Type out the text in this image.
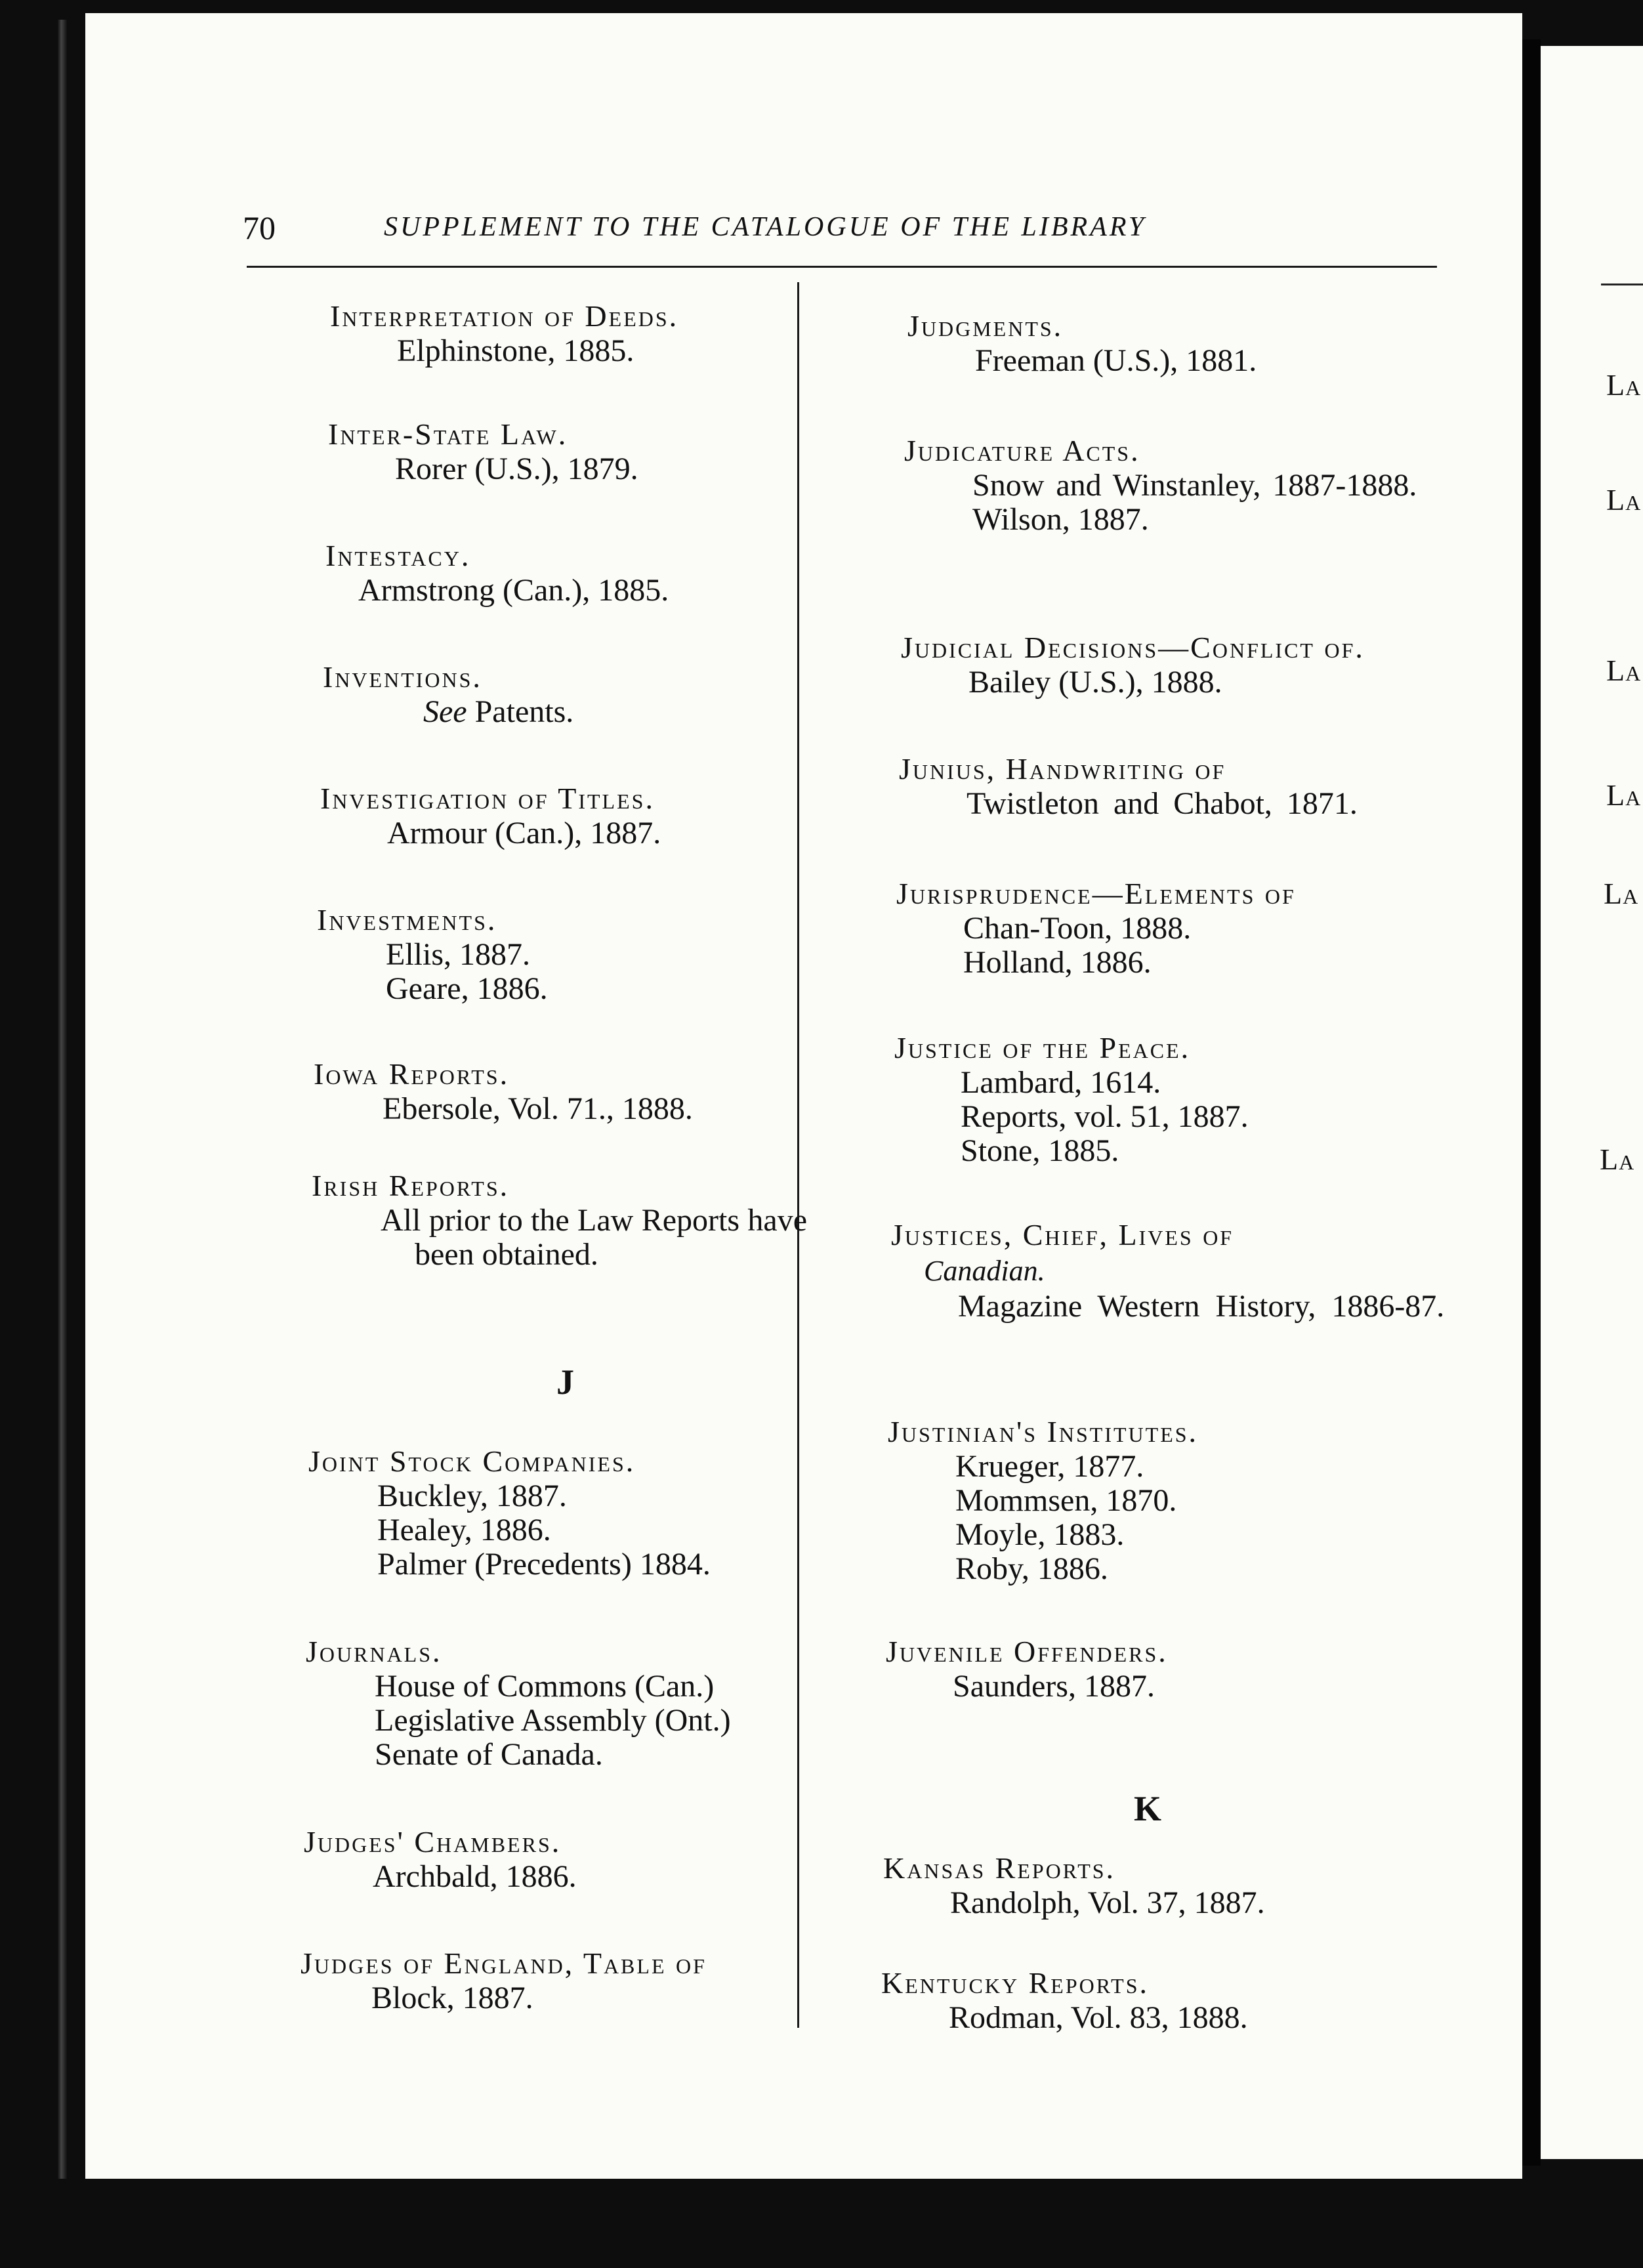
La
La
La
La
La
La
70	SUPPLEMENT TO THE CATALOGUE OF THE LIBRARY
Interpretation of Deeds.
Elphinstone, 1885.
Inter-State Law.
Rorer (U.S.), 1879.
Intestacy.
Armstrong (Can.), 1885.
Inventions.
See Patents.
Investigation of Titles.
Armour (Can.), 1887.
Investments.
Ellis, 1887.
Geare, 1886.
Iowa Reports.
Ebersole, Vol. 71., 1888.
Irish Reports.
All prior to the Law Reports have been obtained.
J
Joint Stock Companies.
Buckley, 1887.
Healey, 1886.
Palmer (Precedents) 1884.
Journals.
House of Commons (Can.)
Legislative Assembly (Ont.)
Senate of Canada.
Judges' Chambers.
Archbald, 1886.
Judges of England, Table of
Block, 1887.
Judgments.
Freeman (U.S.), 1881.
Judicature Acts.
Snow and Winstanley, 1887-1888.
Wilson, 1887.
Judicial Decisions—Conflict of.
Bailey (U.S.), 1888.
Junius, Handwriting of
Twistleton and Chabot, 1871.
Jurisprudence—Elements of
Chan-Toon, 1888.
Holland, 1886.
Justice of the Peace.
Lambard, 1614.
Reports, vol. 51, 1887.
Stone, 1885.
Justices, Chief, Lives of
Canadian.
Magazine Western History, 1886-87.
Justinian's Institutes.
Krueger, 1877.
Mommsen, 1870.
Moyle, 1883.
Roby, 1886.
Juvenile Offenders.
Saunders, 1887.
K
Kansas Reports.
Randolph, Vol. 37, 1887.
Kentucky Reports.
Rodman, Vol. 83, 1888.
